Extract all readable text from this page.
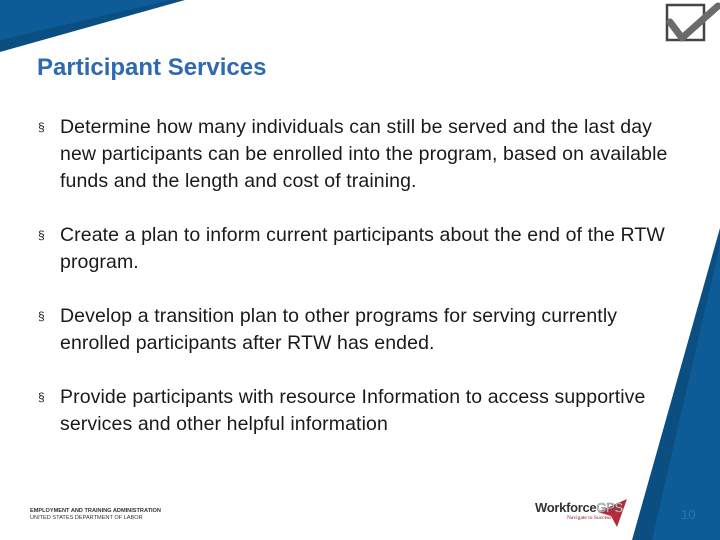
Participant Services
§ Determine how many individuals can still be served and the last day new participants can be enrolled into the program, based on available funds and the length and cost of training.
§ Create a plan to inform current participants about the end of the RTW program.
§ Develop a transition plan to other programs for serving currently enrolled participants after RTW has ended.
§ Provide participants with resource Information to access supportive services and other helpful information
EMPLOYMENT AND TRAINING ADMINISTRATION
UNITED STATES DEPARTMENT OF LABOR
WorkforceGPS
Navigate to Success	10
